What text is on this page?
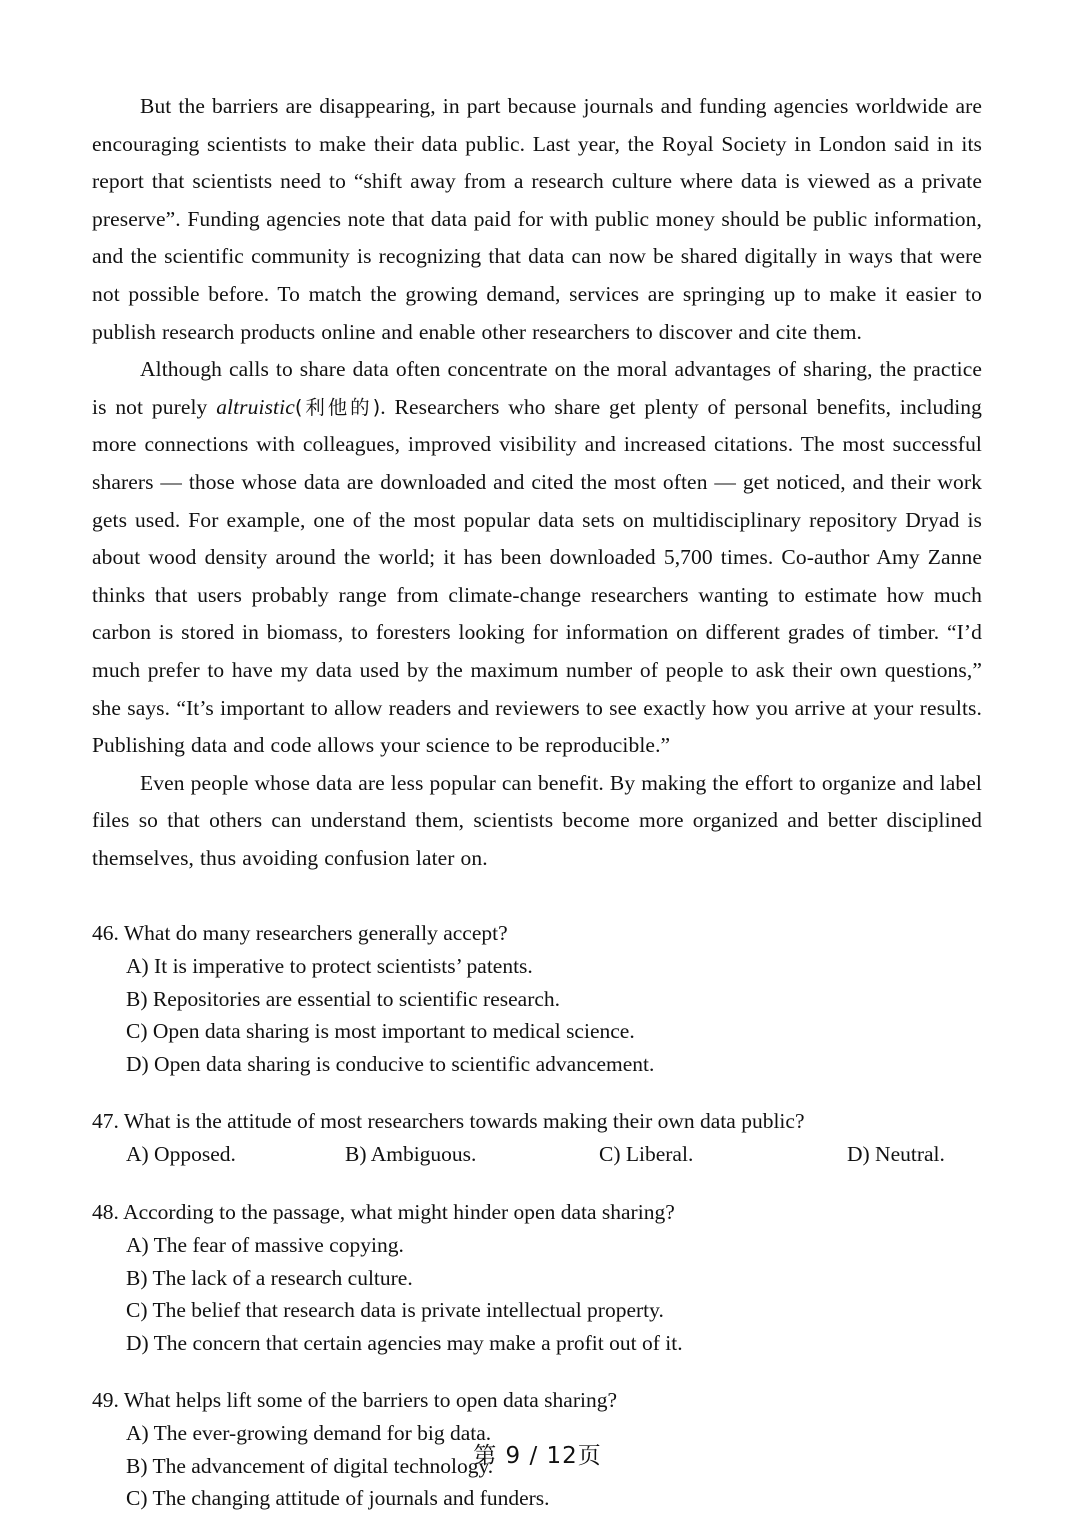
But the barriers are disappearing, in part because journals and funding agencies worldwide are encouraging scientists to make their data public. Last year, the Royal Society in London said in its report that scientists need to “shift away from a research culture where data is viewed as a private preserve”. Funding agencies note that data paid for with public money should be public information, and the scientific community is recognizing that data can now be shared digitally in ways that were not possible before. To match the growing demand, services are springing up to make it easier to publish research products online and enable other researchers to discover and cite them.

Although calls to share data often concentrate on the moral advantages of sharing, the practice is not purely altruistic(利他的). Researchers who share get plenty of personal benefits, including more connections with colleagues, improved visibility and increased citations. The most successful sharers — those whose data are downloaded and cited the most often — get noticed, and their work gets used. For example, one of the most popular data sets on multidisciplinary repository Dryad is about wood density around the world; it has been downloaded 5,700 times. Co-author Amy Zanne thinks that users probably range from climate-change researchers wanting to estimate how much carbon is stored in biomass, to foresters looking for information on different grades of timber. “I’d much prefer to have my data used by the maximum number of people to ask their own questions,” she says. “It’s important to allow readers and reviewers to see exactly how you arrive at your results. Publishing data and code allows your science to be reproducible.”

Even people whose data are less popular can benefit. By making the effort to organize and label files so that others can understand them, scientists become more organized and better disciplined themselves, thus avoiding confusion later on.

46. What do many researchers generally accept?
A) It is imperative to protect scientists’ patents.
B) Repositories are essential to scientific research.
C) Open data sharing is most important to medical science.
D) Open data sharing is conducive to scientific advancement.
47. What is the attitude of most researchers towards making their own data public?
A) Opposed.	B) Ambiguous.	C) Liberal.	D) Neutral.
48. According to the passage, what might hinder open data sharing?
A) The fear of massive copying.
B) The lack of a research culture.
C) The belief that research data is private intellectual property.
D) The concern that certain agencies may make a profit out of it.
49. What helps lift some of the barriers to open data sharing?
A) The ever-growing demand for big data.
B) The advancement of digital technology.
C) The changing attitude of journals and funders.
第 9 / 12页
